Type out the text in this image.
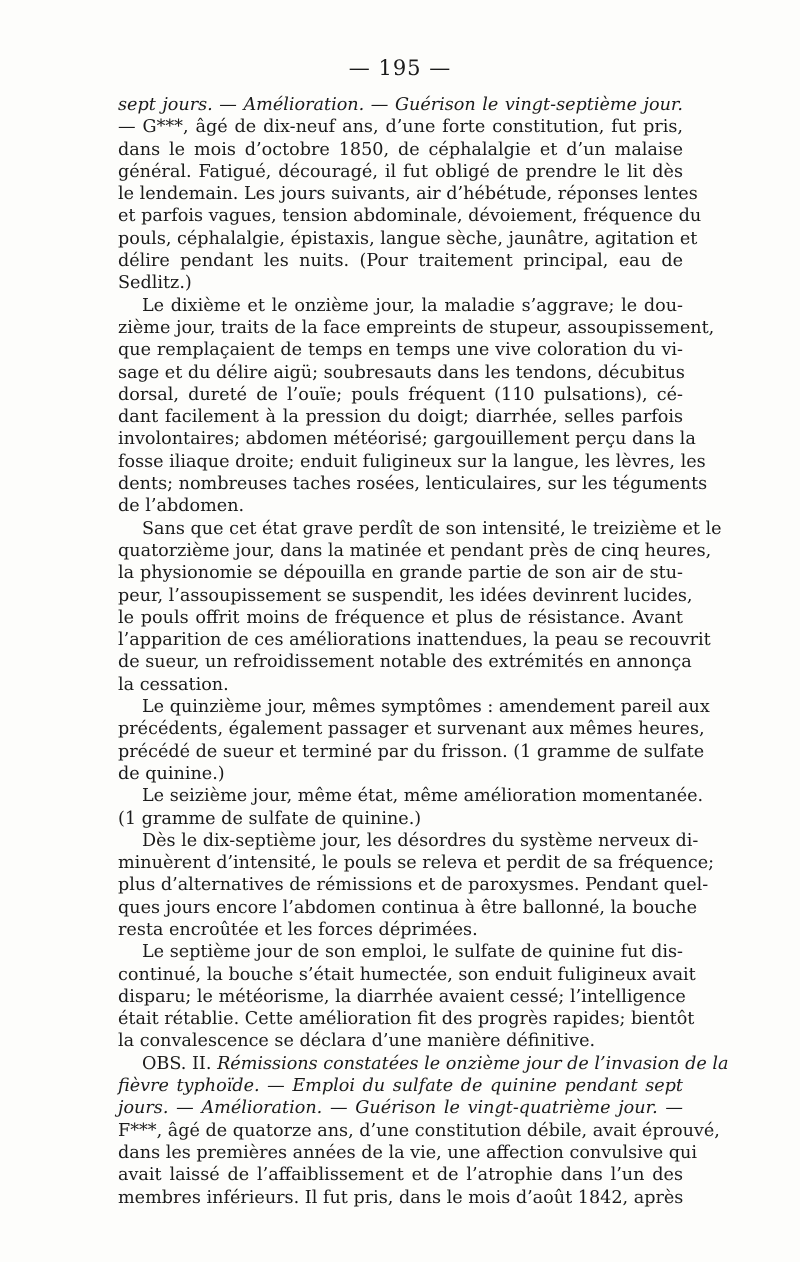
— 195 —
sept jours. — Amélioration. — Guérison le vingt-septième jour.
— G***, âgé de dix-neuf ans, d’une forte constitution, fut pris,
dans le mois d’octobre 1850, de céphalalgie et d’un malaise
général. Fatigué, découragé, il fut obligé de prendre le lit dès
le lendemain. Les jours suivants, air d’hébétude, réponses lentes
et parfois vagues, tension abdominale, dévoiement, fréquence du
pouls, céphalalgie, épistaxis, langue sèche, jaunâtre, agitation et
délire pendant les nuits. (Pour traitement principal, eau de
Sedlitz.)
Le dixième et le onzième jour, la maladie s’aggrave; le dou-
zième jour, traits de la face empreints de stupeur, assoupissement,
que remplaçaient de temps en temps une vive coloration du vi-
sage et du délire aigü; soubresauts dans les tendons, décubitus
dorsal, dureté de l’ouïe; pouls fréquent (110 pulsations), cé-
dant facilement à la pression du doigt; diarrhée, selles parfois
involontaires; abdomen météorisé; gargouillement perçu dans la
fosse iliaque droite; enduit fuligineux sur la langue, les lèvres, les
dents; nombreuses taches rosées, lenticulaires, sur les téguments
de l’abdomen.
Sans que cet état grave perdît de son intensité, le treizième et le
quatorzième jour, dans la matinée et pendant près de cinq heures,
la physionomie se dépouilla en grande partie de son air de stu-
peur, l’assoupissement se suspendit, les idées devinrent lucides,
le pouls offrit moins de fréquence et plus de résistance. Avant
l’apparition de ces améliorations inattendues, la peau se recouvrit
de sueur, un refroidissement notable des extrémités en annonça
la cessation.
Le quinzième jour, mêmes symptômes : amendement pareil aux
précédents, également passager et survenant aux mêmes heures,
précédé de sueur et terminé par du frisson. (1 gramme de sulfate
de quinine.)
Le seizième jour, même état, même amélioration momentanée.
(1 gramme de sulfate de quinine.)
Dès le dix-septième jour, les désordres du système nerveux di-
minuèrent d’intensité, le pouls se releva et perdit de sa fréquence;
plus d’alternatives de rémissions et de paroxysmes. Pendant quel-
ques jours encore l’abdomen continua à être ballonné, la bouche
resta encroûtée et les forces déprimées.
Le septième jour de son emploi, le sulfate de quinine fut dis-
continué, la bouche s’était humectée, son enduit fuligineux avait
disparu; le météorisme, la diarrhée avaient cessé; l’intelligence
était rétablie. Cette amélioration fit des progrès rapides; bientôt
la convalescence se déclara d’une manière définitive.
OBS. II. Rémissions constatées le onzième jour de l’invasion de la
fièvre typhoïde. — Emploi du sulfate de quinine pendant sept
jours. — Amélioration. — Guérison le vingt-quatrième jour. —
F***, âgé de quatorze ans, d’une constitution débile, avait éprouvé,
dans les premières années de la vie, une affection convulsive qui
avait laissé de l’affaiblissement et de l’atrophie dans l’un des
membres inférieurs. Il fut pris, dans le mois d’août 1842, après
